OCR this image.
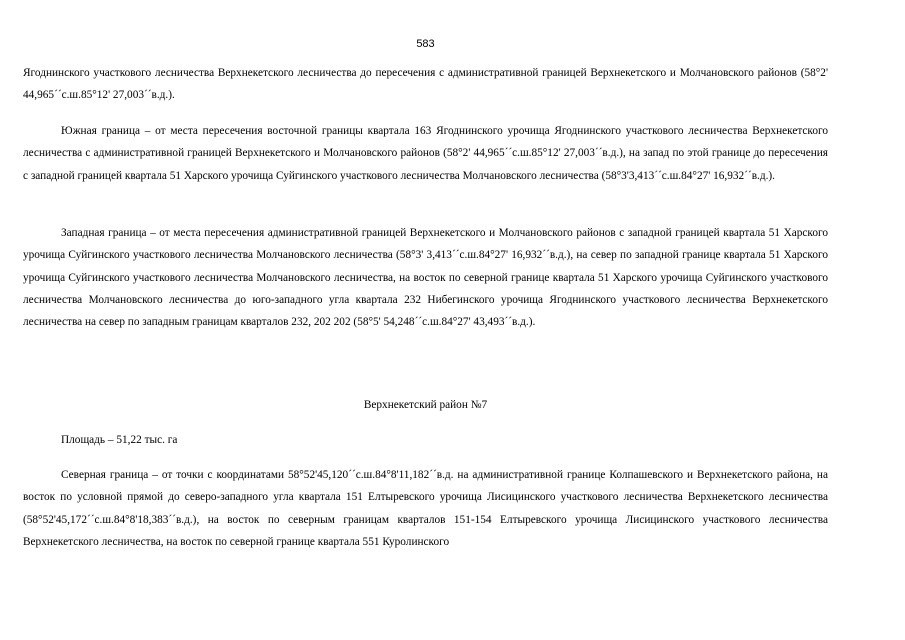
583

Ягоднинского участкового лесничества Верхнекетского лесничества до пересечения с административной границей Верхнекетского и Молчановского районов (58°2' 44,965´´с.ш.85°12' 27,003´´в.д.).

Южная граница – от места пересечения восточной границы квартала 163 Ягоднинского урочища Ягоднинского участкового лесничества Верхнекетского лесничества с административной границей Верхнекетского и Молчановского районов (58°2' 44,965´´с.ш.85°12' 27,003´´в.д.), на запад по этой границе до пересечения с западной границей квартала 51 Харского урочища Суйгинского участкового лесничества Молчановского лесничества (58°3'3,413´´с.ш.84°27' 16,932´´в.д.).

Западная граница – от места пересечения административной границей Верхнекетского и Молчановского районов с западной границей квартала 51 Харского урочища Суйгинского участкового лесничества Молчановского лесничества (58°3' 3,413´´с.ш.84°27' 16,932´´в.д.), на север по западной границе квартала 51 Харского урочища Суйгинского участкового лесничества Молчановского лесничества, на восток по северной границе квартала 51 Харского урочища Суйгинского участкового лесничества Молчановского лесничества до юго-западного угла квартала 232 Нибегинского урочища Ягоднинского участкового лесничества Верхнекетского лесничества на север по западным границам кварталов 232, 202 202 (58°5' 54,248´´с.ш.84°27' 43,493´´в.д.).

Верхнекетский район №7

Площадь – 51,22 тыс. га

Северная граница – от точки с координатами 58°52'45,120´´с.ш.84°8'11,182´´в.д. на административной границе Колпашевского и Верхнекетского района, на восток по условной прямой до северо-западного угла квартала 151 Елтыревского урочища Лисицинского участкового лесничества Верхнекетского лесничества (58°52'45,172´´с.ш.84°8'18,383´´в.д.), на восток по северным границам кварталов 151-154 Елтыревского урочища Лисицинского участкового лесничества Верхнекетского лесничества, на восток по северной границе квартала 551 Куролинского
